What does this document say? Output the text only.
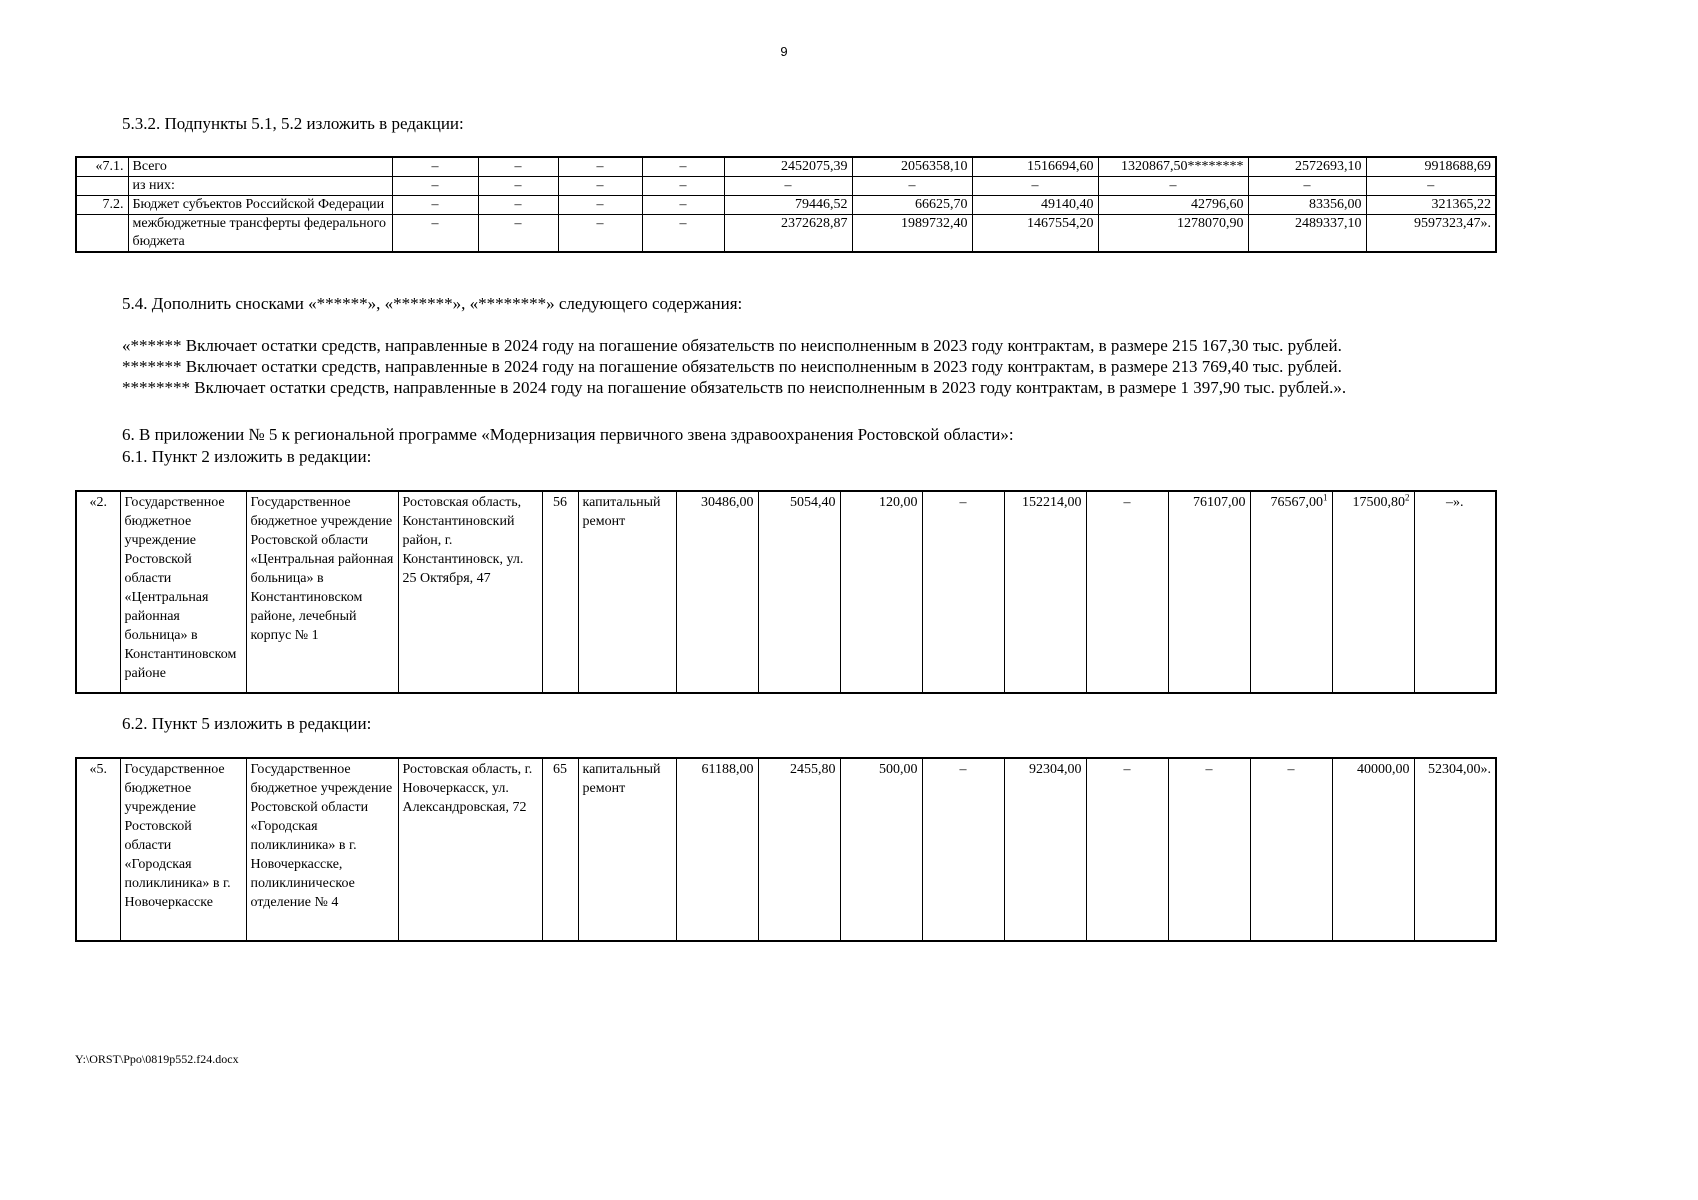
9
5.3.2. Подпункты 5.1, 5.2 изложить в редакции:
«7.1.	Всего	–	–	–	–	2452075,39	2056358,10	1516694,60	1320867,50********	2572693,10	9918688,69
	из них:	–	–	–	–	–	–	–	–	–	–
7.2.	Бюджет субъектов Российской Федерации	–	–	–	–	79446,52	66625,70	49140,40	42796,60	83356,00	321365,22
	межбюджетные трансферты федерального бюджета	–	–	–	–	2372628,87	1989732,40	1467554,20	1278070,90	2489337,10	9597323,47».
5.4. Дополнить сносками «******», «*******», «********» следующего содержания:
«****** Включает остатки средств, направленные в 2024 году на погашение обязательств по неисполненным в 2023 году контрактам, в размере 215 167,30 тыс. рублей.
******* Включает остатки средств, направленные в 2024 году на погашение обязательств по неисполненным в 2023 году контрактам, в размере 213 769,40 тыс. рублей.
******** Включает остатки средств, направленные в 2024 году на погашение обязательств по неисполненным в 2023 году контрактам, в размере 1 397,90 тыс. рублей.».
6. В приложении № 5 к региональной программе «Модернизация первичного звена здравоохранения Ростовской области»:
6.1. Пункт 2 изложить в редакции:
«2.	Государственное бюджетное учреждение Ростовской области «Центральная районная больница» в Константиновском районе	Государственное бюджетное учреждение Ростовской области «Центральная районная больница» в Константиновском районе, лечебный корпус № 1	Ростовская область, Константиновский район, г. Константиновск, ул. 25 Октября, 47	56	капитальный ремонт	30486,00	5054,40	120,00	–	152214,00	–	76107,00	76567,00$^1$	17500,80$^2$	–».
6.2. Пункт 5 изложить в редакции:
«5.	Государственное бюджетное учреждение Ростовской области «Городская поликлиника» в г. Новочеркасске	Государственное бюджетное учреждение Ростовской области «Городская поликлиника» в г. Новочеркасске, поликлиническое отделение № 4	Ростовская область, г. Новочеркасск, ул. Александровская, 72	65	капитальный ремонт	61188,00	2455,80	500,00	–	92304,00	–	–	–	40000,00	52304,00».
Y:\ORST\Ppo\0819p552.f24.docx
